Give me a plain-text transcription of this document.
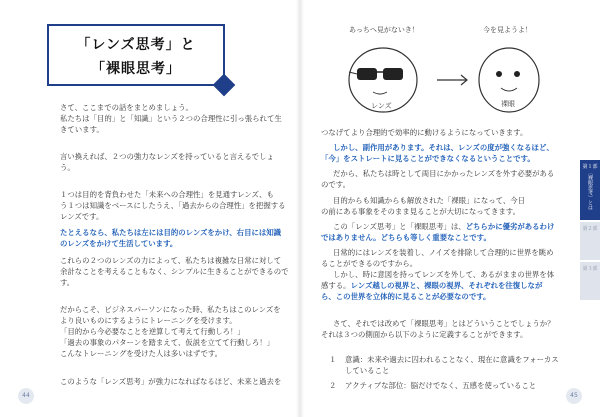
「レンズ思考」と
「裸眼思考」
さて、ここまでの話をまとめましょう。
私たちは「目的」と「知識」という２つの合理性に引っ張られて生
きています。
言い換えれば、２つの強力なレンズを持っていると言えるでしょ
う。
１つは目的を背負わせた「未来への合理性」を見通すレンズ、も
う１つは知識をベースにしたうえ、「過去からの合理性」を把握する
レンズです。
たとえるなら、私たちは左には目的のレンズをかけ、右目には知識
のレンズをかけて生活しています。
これらの２つのレンズの力によって、私たちは複雑な日常に対して
余計なことを考えることもなく、シンプルに生きることができるので
す。
だからこそ、ビジネスパーソンになった時、私たちはこのレンズを
より良いものにするようにトレーニングを受けます。
「目的から今必要なことを逆算して考えて行動しろ！」
「過去の事象のパターンを踏まえて、仮説を立てて行動しろ！」
こんなトレーニングを受けた人は多いはずです。
このような「レンズ思考」が強力になればなるほど、未来と過去を
44
あっちへ見がないき！
レンズ
今を見ようよ！
裸眼
つなげてより合理的で効率的に動けるようになっていきます。
しかし、副作用があります。それは、レンズの度が強くなるほど、
「今」をストレートに見ることができなくなるということです。
だから、私たちは時として両目にかかったレンズを外す必要がある
のです。
目的からも知識からも解放された「裸眼」になって、今日
の前にある事象をそのまま見ることが大切になってきます。
この「レンズ思考」と「裸眼思考」は、どちらかに優劣があるわけ
ではありません。どちらも等しく重要なことです。
日常的にはレンズを装着し、ノイズを排除して合理的に世界を眺め
ることができるのですから。
しかし、時に意図を持ってレンズを外して、あるがままの世界を体
感する。レンズ越しの視界と、裸眼の視界、それぞれを往復しなが
ら、この世界を立体的に見ることが必要なのです。
さて、それでは改めて「裸眼思考」とはどういうことでしょうか？
それは３つの側面から以下のように定義することができます。
１ 意識：未来や過去に囚われることなく、現在に意識をフォーカス
していること
２ アクティブな部位：脳だけでなく、五感を使っていること
45
第１部
〔裸眼思考〕とは
第２部
第３部
